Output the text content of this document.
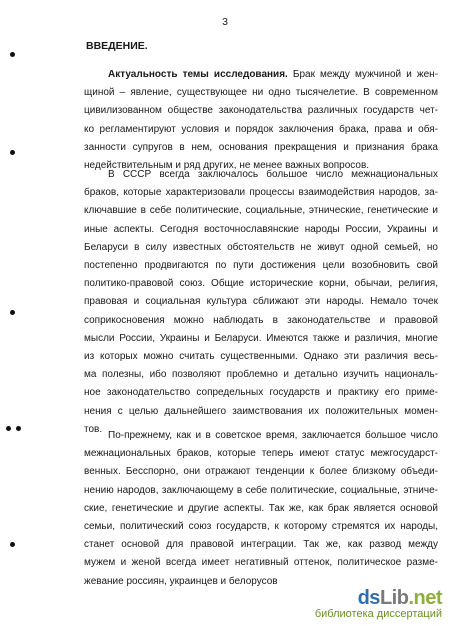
3
ВВЕДЕНИЕ.
Актуальность темы исследования. Брак между мужчиной и жен-
щиной – явление, существующее ни одно тысячелетие. В современном
цивилизованном обществе законодательства различных государств чет-
ко регламентируют условия и порядок заключения брака, права и обя-
занности супругов в нем, основания прекращения и признания брака
недействительным и ряд других, не менее важных вопросов.
В СССР всегда заключалось большое число межнациональных
браков, которые характеризовали процессы взаимодействия народов, за-
ключавшие в себе политические, социальные, этнические, генетические и
иные аспекты. Сегодня восточнославянские народы России, Украины и
Беларуси в силу известных обстоятельств не живут одной семьей, но
постепенно продвигаются по пути достижения цели возобновить свой
политико-правовой союз. Общие исторические корни, обычаи, религия,
правовая и социальная культура сближают эти народы. Немало точек
соприкосновения можно наблюдать в законодательстве и правовой
мысли России, Украины и Беларуси. Имеются также и различия, многие
из которых можно считать существенными. Однако эти различия весь-
ма полезны, ибо позволяют проблемно и детально изучить националь-
ное законодательство сопредельных государств и практику его приме-
нения с целью дальнейшего заимствования их положительных момен-
тов.
По-прежнему, как и в советское время, заключается большое число
межнациональных браков, которые теперь имеют статус межгосударст-
венных. Бесспорно, они отражают тенденции к более близкому объеди-
нению народов, заключающему в себе политические, социальные, этниче-
ские, генетические и другие аспекты. Так же, как брак является основой
семьи, политический союз государств, к которому стремятся их народы,
станет основой для правовой интеграции. Так же, как развод между
мужем и женой всегда имеет негативный оттенок, политическое разме-
жевание россиян, украинцев и белорусов
dsLib.net
библиотека диссертаций
